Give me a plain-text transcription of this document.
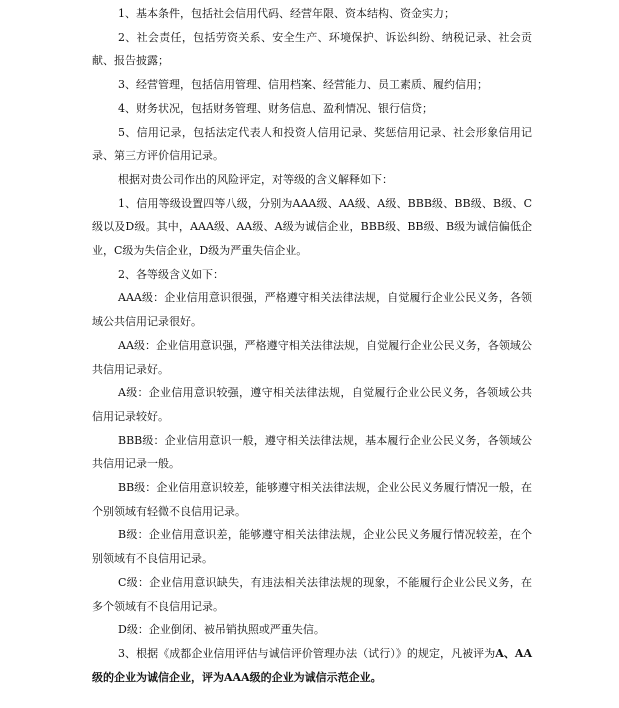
1、基本条件，包括社会信用代码、经营年限、资本结构、资金实力；

2、社会责任，包括劳资关系、安全生产、环境保护、诉讼纠纷、纳税记录、社会贡献、报告披露；

3、经营管理，包括信用管理、信用档案、经营能力、员工素质、履约信用；

4、财务状况，包括财务管理、财务信息、盈利情况、银行信贷；

5、信用记录，包括法定代表人和投资人信用记录、奖惩信用记录、社会形象信用记录、第三方评价信用记录。

根据对贵公司作出的风险评定，对等级的含义解释如下：

1、信用等级设置四等八级，分别为AAA级、AA级、A级、BBB级、BB级、B级、C级以及D级。其中，AAA级、AA级、A级为诚信企业，BBB级、BB级、B级为诚信偏低企业，C级为失信企业，D级为严重失信企业。

2、各等级含义如下：

AAA级：企业信用意识很强，严格遵守相关法律法规，自觉履行企业公民义务，各领域公共信用记录很好。

AA级：企业信用意识强，严格遵守相关法律法规，自觉履行企业公民义务，各领域公共信用记录好。

A级：企业信用意识较强，遵守相关法律法规，自觉履行企业公民义务，各领域公共信用记录较好。

BBB级：企业信用意识一般，遵守相关法律法规，基本履行企业公民义务，各领域公共信用记录一般。

BB级：企业信用意识较差，能够遵守相关法律法规，企业公民义务履行情况一般，在个别领域有轻微不良信用记录。

B级：企业信用意识差，能够遵守相关法律法规，企业公民义务履行情况较差，在个别领域有不良信用记录。

C级：企业信用意识缺失，有违法相关法律法规的现象，不能履行企业公民义务，在多个领域有不良信用记录。

D级：企业倒闭、被吊销执照或严重失信。

3、根据《成都企业信用评估与诚信评价管理办法（试行）》的规定，凡被评为A、AA级的企业为诚信企业，评为AAA级的企业为诚信示范企业。
